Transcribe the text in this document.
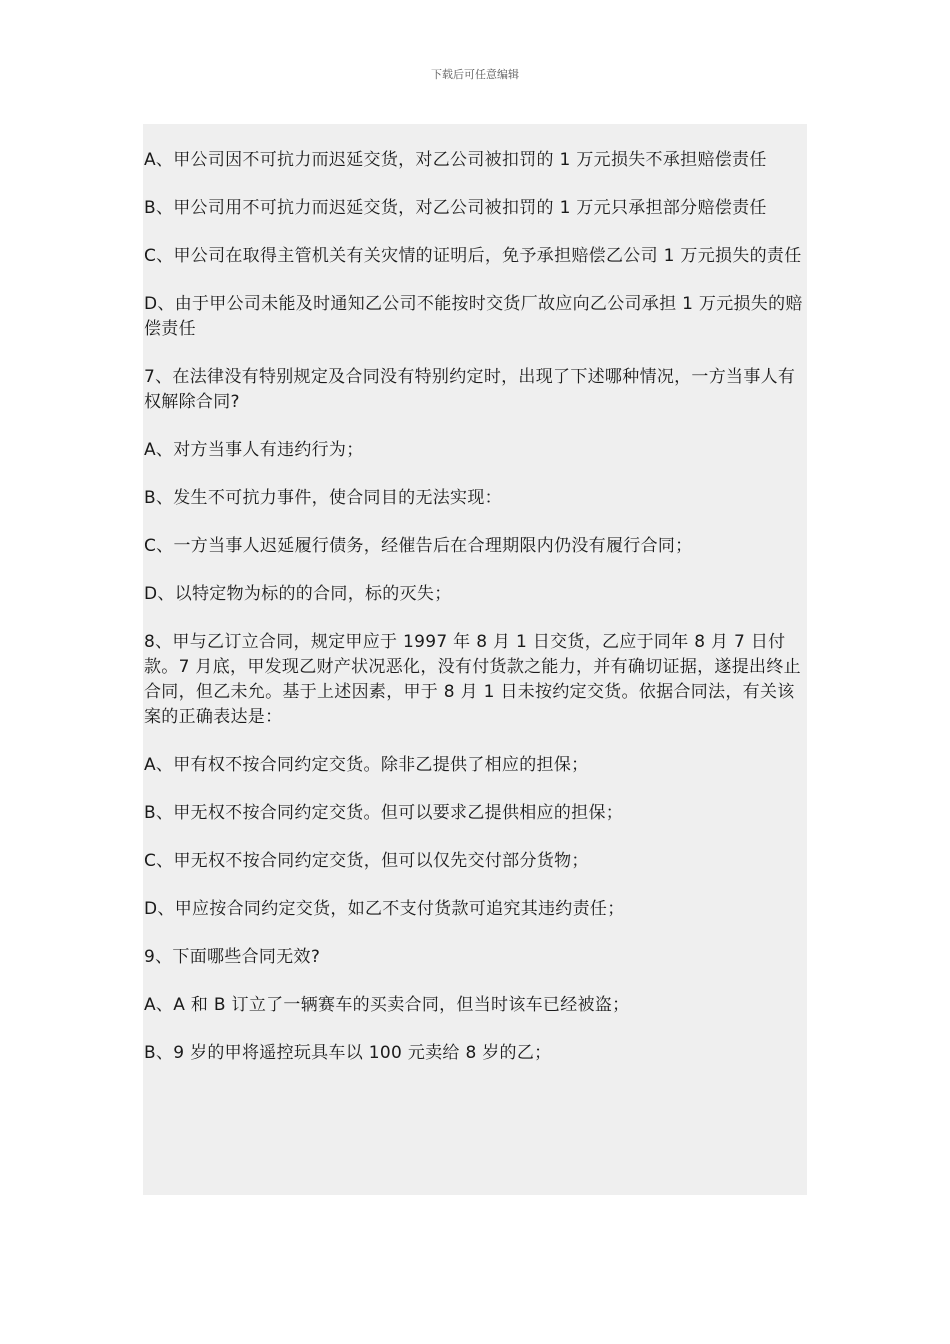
下载后可任意编辑

A、甲公司因不可抗力而迟延交货，对乙公司被扣罚的 1 万元损失不承担赔偿责任

B、甲公司用不可抗力而迟延交货，对乙公司被扣罚的 1 万元只承担部分赔偿责任

C、甲公司在取得主管机关有关灾情的证明后，免予承担赔偿乙公司 1 万元损失的责任

D、由于甲公司未能及时通知乙公司不能按时交货厂故应向乙公司承担 1 万元损失的赔偿责任

7、在法律没有特别规定及合同没有特别约定时，出现了下述哪种情况，一方当事人有权解除合同?

A、对方当事人有违约行为；

B、发生不可抗力事件，使合同目的无法实现：

C、一方当事人迟延履行债务，经催告后在合理期限内仍没有履行合同；

D、以特定物为标的的合同，标的灭失；

8、甲与乙订立合同，规定甲应于 1997 年 8 月 1 日交货，乙应于同年 8 月 7 日付款。7 月底，甲发现乙财产状况恶化，没有付货款之能力，并有确切证据，遂提出终止合同，但乙未允。基于上述因素，甲于 8 月 1 日未按约定交货。依据合同法，有关该案的正确表达是：

A、甲有权不按合同约定交货。除非乙提供了相应的担保；

B、甲无权不按合同约定交货。但可以要求乙提供相应的担保；

C、甲无权不按合同约定交货，但可以仅先交付部分货物；

D、甲应按合同约定交货，如乙不支付货款可追究其违约责任；

9、下面哪些合同无效?

A、A 和 B 订立了一辆赛车的买卖合同，但当时该车已经被盗；

B、9 岁的甲将遥控玩具车以 100 元卖给 8 岁的乙；
